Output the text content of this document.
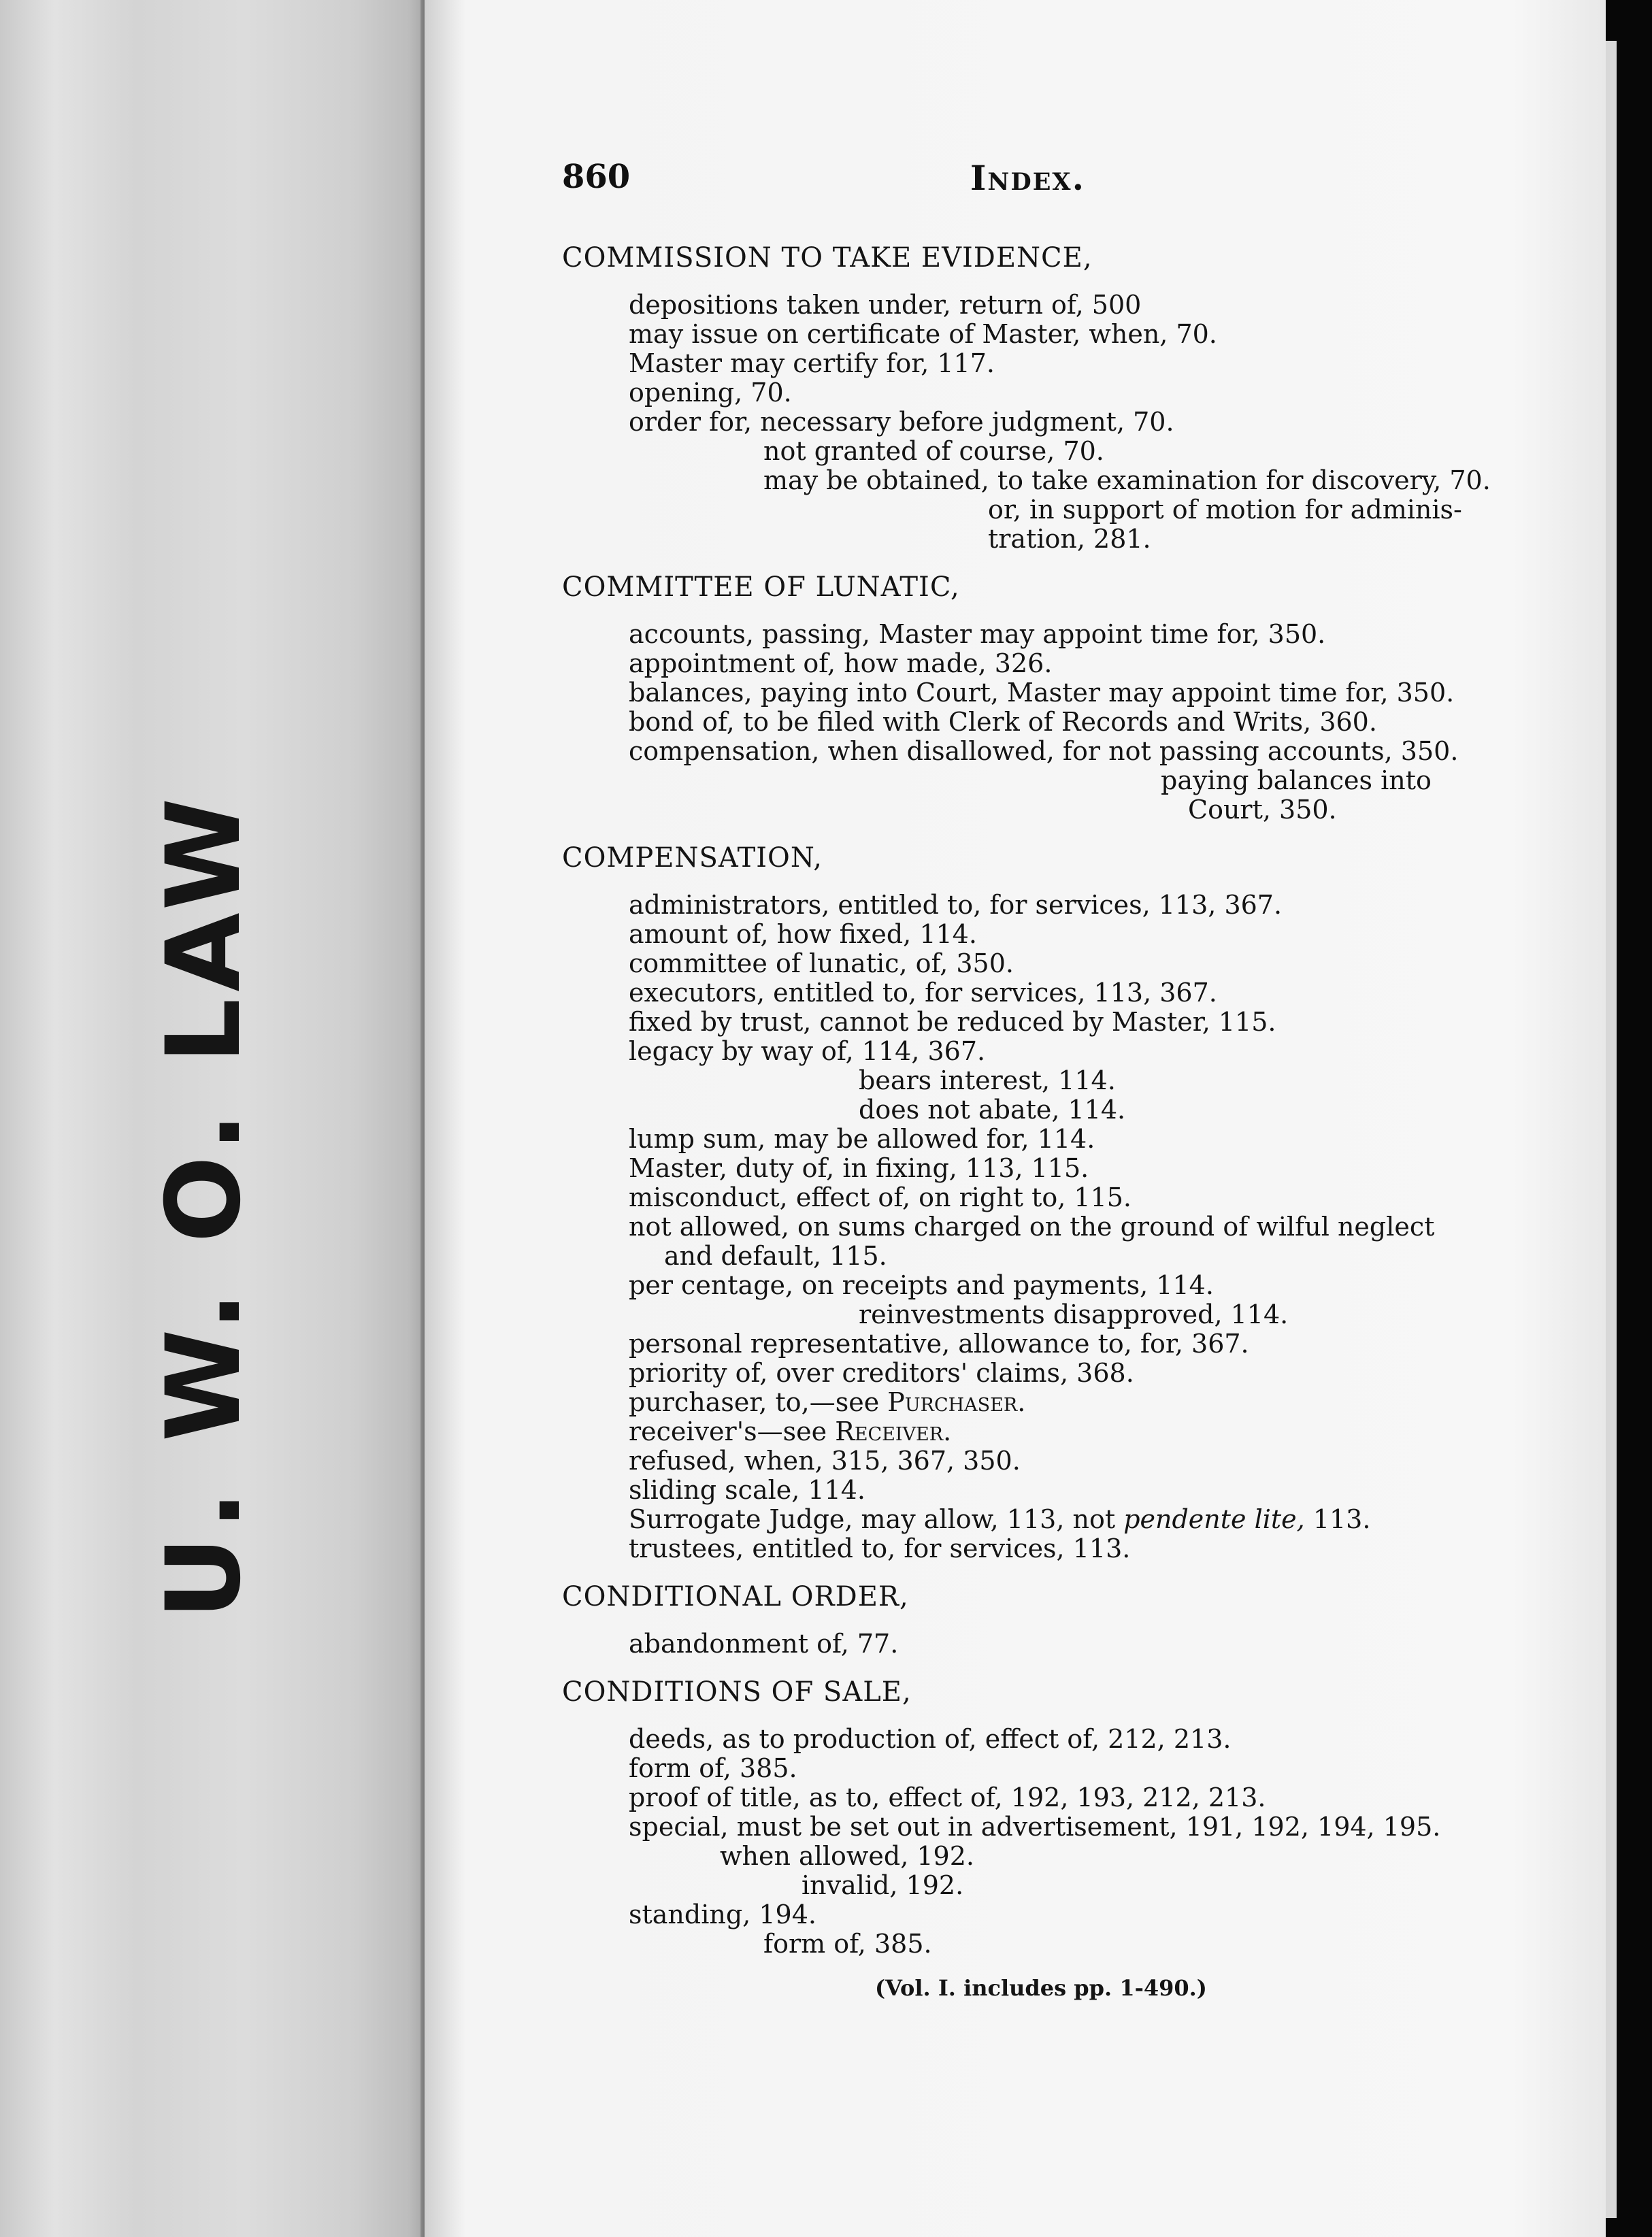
U. W. O. LAW
860	Index.
COMMISSION TO TAKE EVIDENCE,
depositions taken under, return of, 500
may issue on certificate of Master, when, 70.
Master may certify for, 117.
opening, 70.
order for, necessary before judgment, 70.
not granted of course, 70.
may be obtained, to take examination for discovery, 70.
or, in support of motion for adminis-
tration, 281.
COMMITTEE OF LUNATIC,
accounts, passing, Master may appoint time for, 350.
appointment of, how made, 326.
balances, paying into Court, Master may appoint time for, 350.
bond of, to be filed with Clerk of Records and Writs, 360.
compensation, when disallowed, for not passing accounts, 350.
paying balances into
Court, 350.
COMPENSATION,
administrators, entitled to, for services, 113, 367.
amount of, how fixed, 114.
committee of lunatic, of, 350.
executors, entitled to, for services, 113, 367.
fixed by trust, cannot be reduced by Master, 115.
legacy by way of, 114, 367.
bears interest, 114.
does not abate, 114.
lump sum, may be allowed for, 114.
Master, duty of, in fixing, 113, 115.
misconduct, effect of, on right to, 115.
not allowed, on sums charged on the ground of wilful neglect
and default, 115.
per centage, on receipts and payments, 114.
reinvestments disapproved, 114.
personal representative, allowance to, for, 367.
priority of, over creditors' claims, 368.
purchaser, to,—see Purchaser.
receiver's—see Receiver.
refused, when, 315, 367, 350.
sliding scale, 114.
Surrogate Judge, may allow, 113, not pendente lite, 113.
trustees, entitled to, for services, 113.
CONDITIONAL ORDER,
abandonment of, 77.
CONDITIONS OF SALE,
deeds, as to production of, effect of, 212, 213.
form of, 385.
proof of title, as to, effect of, 192, 193, 212, 213.
special, must be set out in advertisement, 191, 192, 194, 195.
when allowed, 192.
invalid, 192.
standing, 194.
form of, 385.
(Vol. I. includes pp. 1-490.)
